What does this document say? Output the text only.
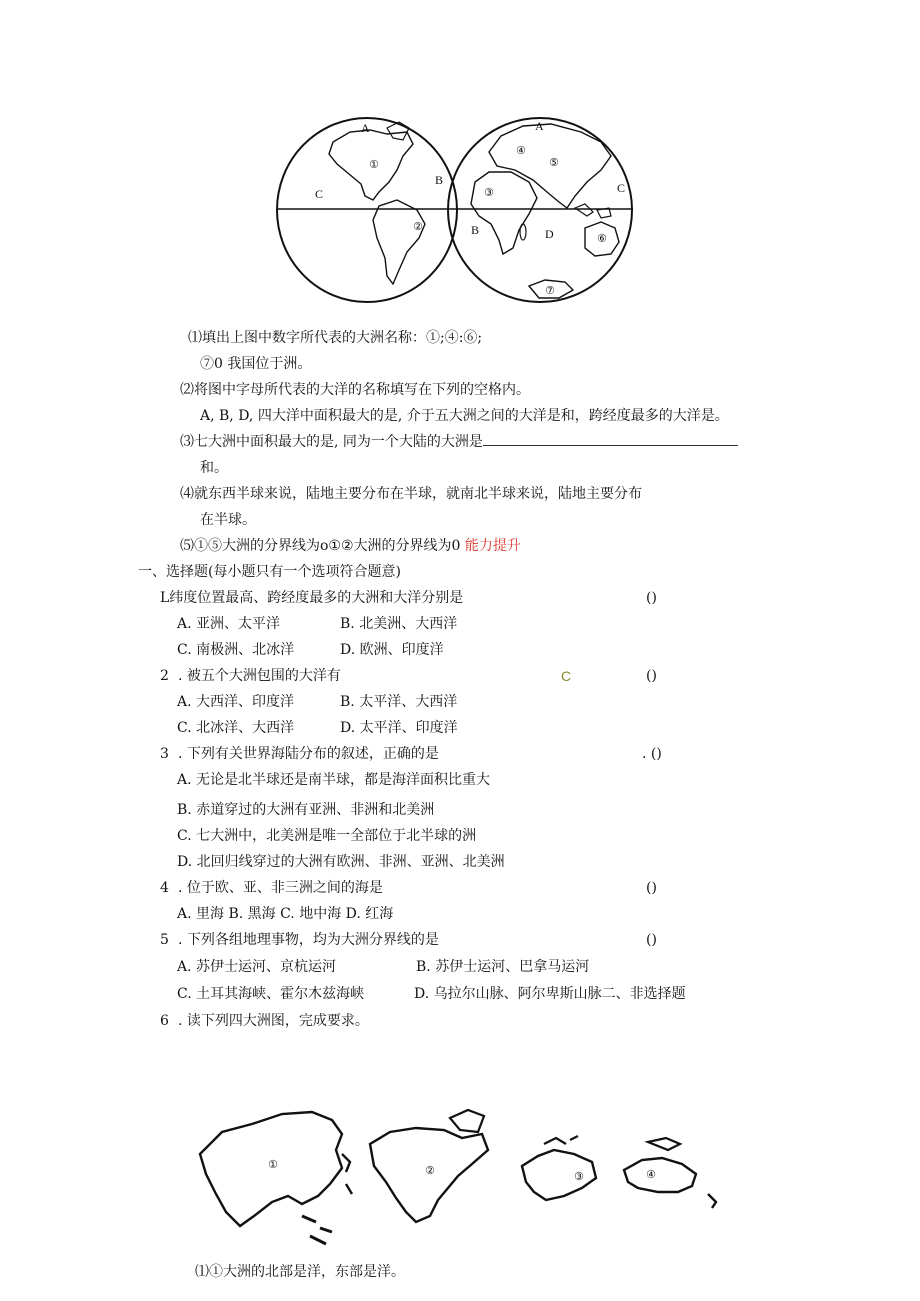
A
B
C
①
②
A
B
C
D
③
④
⑤
⑥
⑦
⑴填出上图中数字所代表的大洲名称：①;④:⑥;
⑦0 我国位于洲。
⑵将图中字母所代表的大洋的名称填写在下列的空格内。
A, B, D, 四大洋中面积最大的是, 介于五大洲之间的大洋是和，跨经度最多的大洋是。
⑶七大洲中面积最大的是, 同为一个大陆的大洲是
和。
⑷就东西半球来说，陆地主要分布在半球，就南北半球来说，陆地主要分布
在半球。
⑸①⑤大洲的分界线为o①②大洲的分界线为0 能力提升
一、选择题(每小题只有一个选项符合题意)
L纬度位置最高、跨经度最多的大洲和大洋分别是	()
A. 亚洲、太平洋	B. 北美洲、大西洋
C. 南极洲、北冰洋	D. 欧洲、印度洋
2 . 被五个大洲包围的大洋有	C	()
A. 大西洋、印度洋	B. 太平洋、大西洋
C. 北冰洋、大西洋	D. 太平洋、印度洋
3 . 下列有关世界海陆分布的叙述，正确的是	. ()
A. 无论是北半球还是南半球，都是海洋面积比重大
B. 赤道穿过的大洲有亚洲、非洲和北美洲
C. 七大洲中，北美洲是唯一全部位于北半球的洲
D. 北回归线穿过的大洲有欧洲、非洲、亚洲、北美洲
4 . 位于欧、亚、非三洲之间的海是	()
A. 里海 B. 黑海 C. 地中海 D. 红海
5 . 下列各组地理事物，均为大洲分界线的是	()
A. 苏伊士运河、京杭运河	B. 苏伊士运河、巴拿马运河
C. 土耳其海峡、霍尔木兹海峡	D. 乌拉尔山脉、阿尔卑斯山脉二、非选择题
6 . 读下列四大洲图，完成要求。
①	②	③	④
⑴①大洲的北部是洋，东部是洋。
